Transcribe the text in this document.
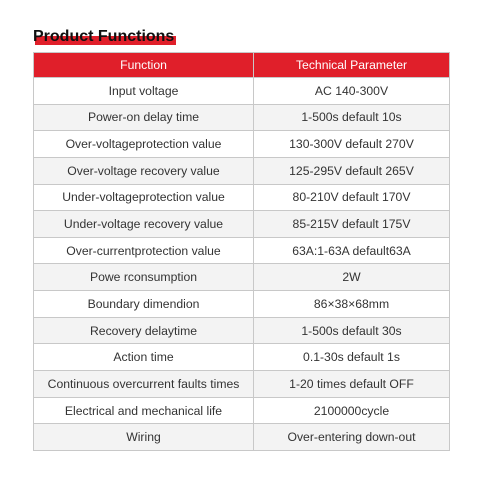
Product Functions
Function	Technical Parameter
Input voltage	AC 140-300V
Power-on delay time	1-500s default 10s
Over-voltageprotection value	130-300V default 270V
Over-voltage recovery value	125-295V default 265V
Under-voltageprotection value	80-210V default 170V
Under-voltage recovery value	85-215V default 175V
Over-currentprotection value	63A:1-63A default63A
Powe rconsumption	2W
Boundary dimendion	86×38×68mm
Recovery delaytime	1-500s default 30s
Action time	0.1-30s default 1s
Continuous overcurrent faults times	1-20 times default OFF
Electrical and mechanical life	2100000cycle
Wiring	Over-entering down-out
